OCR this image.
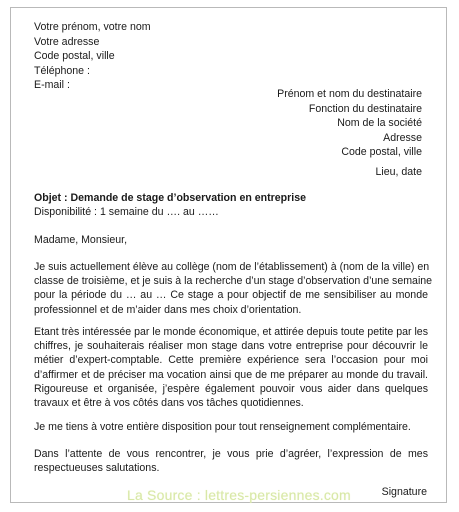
Votre prénom, votre nom
Votre adresse
Code postal, ville
Téléphone :
E-mail :
Prénom et nom du destinataire
Fonction du destinataire
Nom de la société
Adresse
Code postal, ville
Lieu, date
Objet : Demande de stage d’observation en entreprise
Disponibilité : 1 semaine du …. au ……
Madame, Monsieur,
Je suis actuellement élève au collège (nom de l’établissement) à (nom de la ville) en
classe de troisième, et je suis à la recherche d’un stage d’observation d’une semaine
pour la période du … au … Ce stage a pour objectif de me sensibiliser au monde
professionnel et de m’aider dans mes choix d’orientation.
Etant très intéressée par le monde économique, et attirée depuis toute petite par les
chiffres, je souhaiterais réaliser mon stage dans votre entreprise pour découvrir le
métier d’expert-comptable. Cette première expérience sera l’occasion pour moi
d’affirmer et de préciser ma vocation ainsi que de me préparer au monde du travail.
Rigoureuse et organisée, j’espère également pouvoir vous aider dans quelques
travaux et être à vos côtés dans vos tâches quotidiennes.
Je me tiens à votre entière disposition pour tout renseignement complémentaire.
Dans l’attente de vous rencontrer, je vous prie d’agréer, l’expression de mes
respectueuses salutations.
La Source : lettres-persiennes.com	Signature
